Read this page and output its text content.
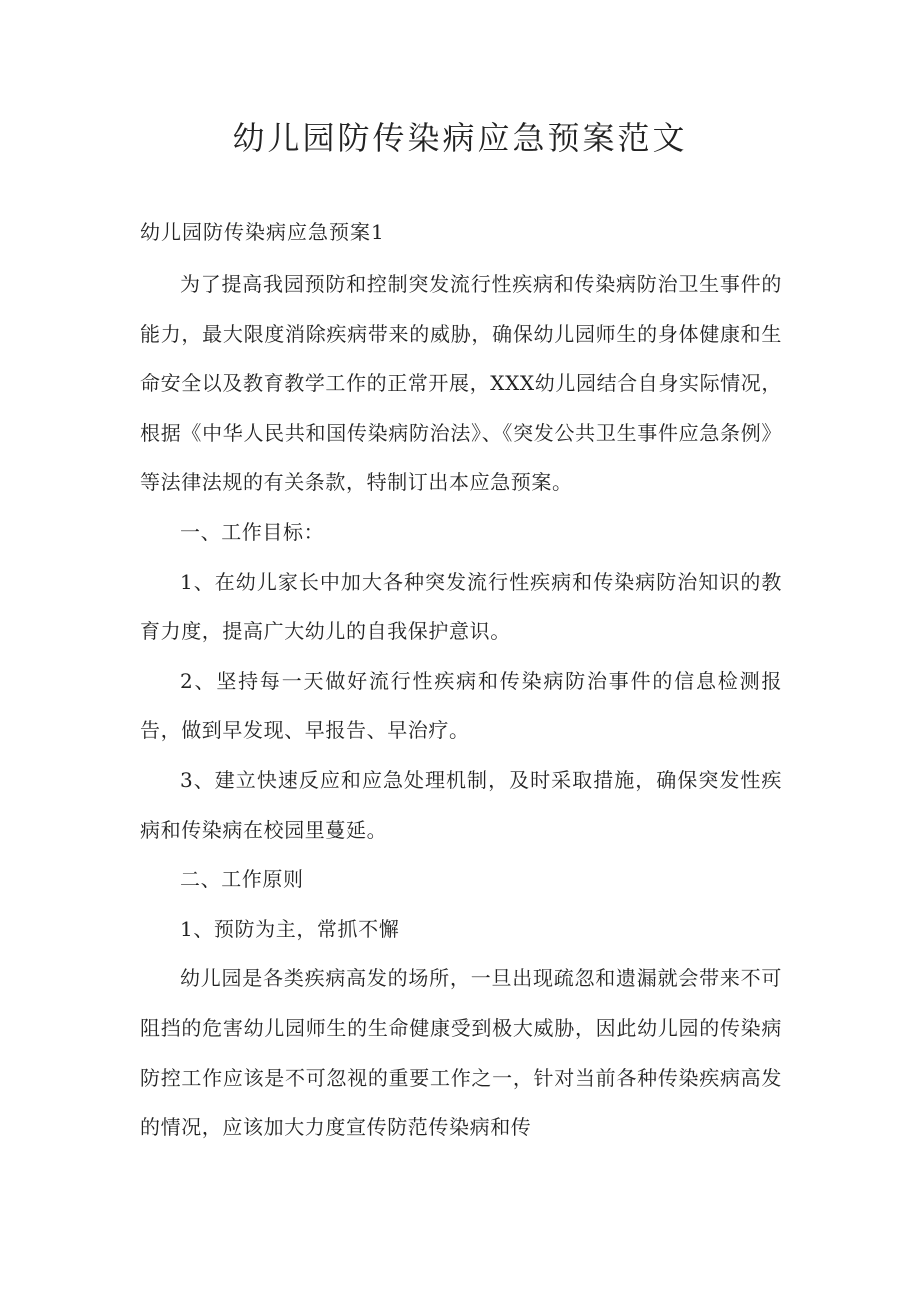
幼儿园防传染病应急预案范文
幼儿园防传染病应急预案1

为了提高我园预防和控制突发流行性疾病和传染病防治卫生事件的能力，最大限度消除疾病带来的威胁，确保幼儿园师生的身体健康和生命安全以及教育教学工作的正常开展，XXX幼儿园结合自身实际情况，根据《中华人民共和国传染病防治法》、《突发公共卫生事件应急条例》等法律法规的有关条款，特制订出本应急预案。

一、工作目标：

1、在幼儿家长中加大各种突发流行性疾病和传染病防治知识的教育力度，提高广大幼儿的自我保护意识。

2、坚持每一天做好流行性疾病和传染病防治事件的信息检测报告，做到早发现、早报告、早治疗。

3、建立快速反应和应急处理机制，及时采取措施，确保突发性疾病和传染病在校园里蔓延。

二、工作原则

1、预防为主，常抓不懈

幼儿园是各类疾病高发的场所，一旦出现疏忽和遗漏就会带来不可阻挡的危害幼儿园师生的生命健康受到极大威胁，因此幼儿园的传染病防控工作应该是不可忽视的重要工作之一，针对当前各种传染疾病高发的情况，应该加大力度宣传防范传染病和传
